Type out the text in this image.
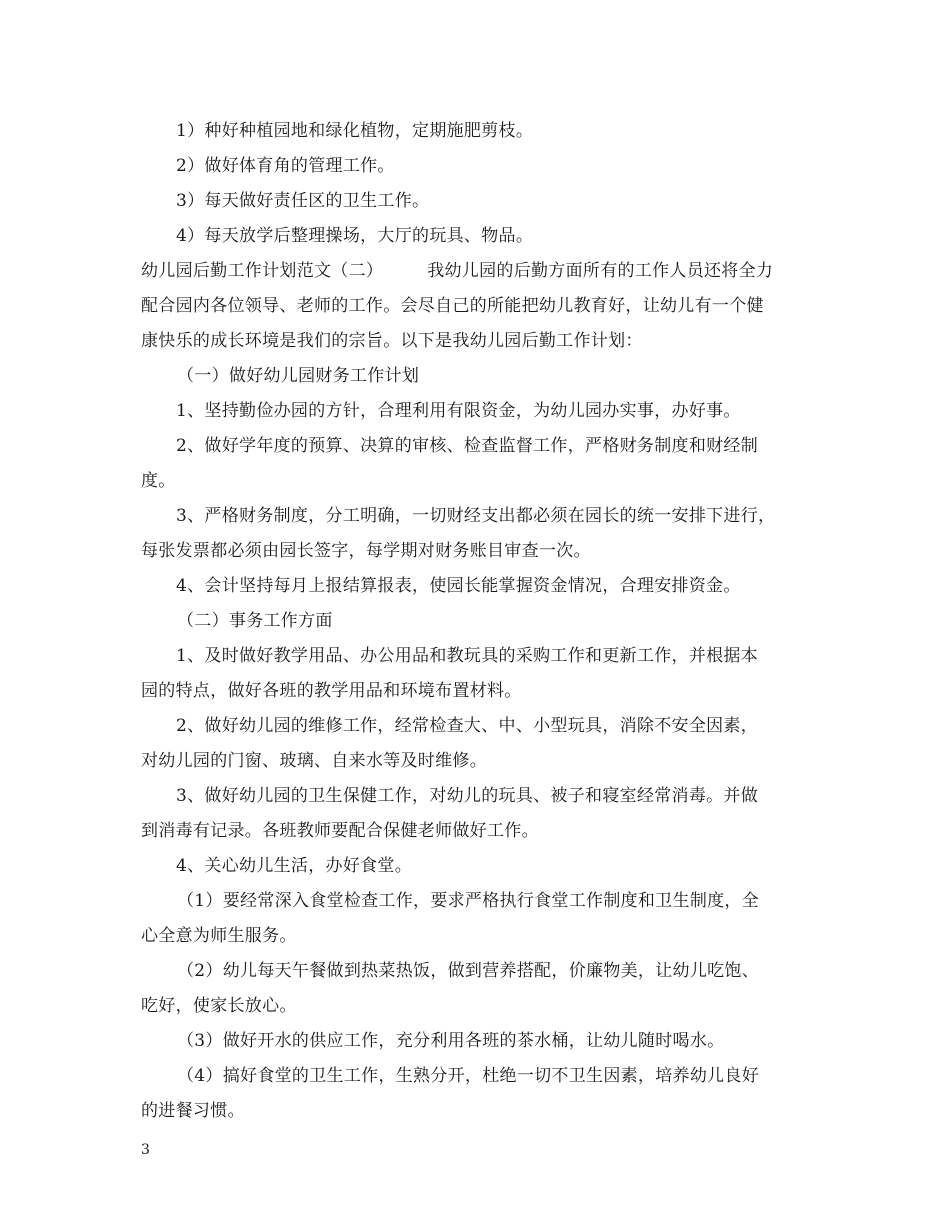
1）种好种植园地和绿化植物，定期施肥剪枝。
2）做好体育角的管理工作。
3）每天做好责任区的卫生工作。
4）每天放学后整理操场，大厅的玩具、物品。
幼儿园后勤工作计划范文（二）	我幼儿园的后勤方面所有的工作人员还将全力
配合园内各位领导、老师的工作。会尽自己的所能把幼儿教育好，让幼儿有一个健
康快乐的成长环境是我们的宗旨。以下是我幼儿园后勤工作计划：
（一）做好幼儿园财务工作计划
1、坚持勤俭办园的方针，合理利用有限资金，为幼儿园办实事，办好事。
2、做好学年度的预算、决算的审核、检查监督工作，严格财务制度和财经制
度。
3、严格财务制度，分工明确，一切财经支出都必须在园长的统一安排下进行，
每张发票都必须由园长签字，每学期对财务账目审查一次。
4、会计坚持每月上报结算报表，使园长能掌握资金情况，合理安排资金。
（二）事务工作方面
1、及时做好教学用品、办公用品和教玩具的采购工作和更新工作，并根据本
园的特点，做好各班的教学用品和环境布置材料。
2、做好幼儿园的维修工作，经常检查大、中、小型玩具，消除不安全因素，
对幼儿园的门窗、玻璃、自来水等及时维修。
3、做好幼儿园的卫生保健工作，对幼儿的玩具、被子和寝室经常消毒。并做
到消毒有记录。各班教师要配合保健老师做好工作。
4、关心幼儿生活，办好食堂。
（1）要经常深入食堂检查工作，要求严格执行食堂工作制度和卫生制度，全
心全意为师生服务。
（2）幼儿每天午餐做到热菜热饭，做到营养搭配，价廉物美，让幼儿吃饱、
吃好，使家长放心。
（3）做好开水的供应工作，充分利用各班的茶水桶，让幼儿随时喝水。
（4）搞好食堂的卫生工作，生熟分开，杜绝一切不卫生因素，培养幼儿良好
的进餐习惯。
3
